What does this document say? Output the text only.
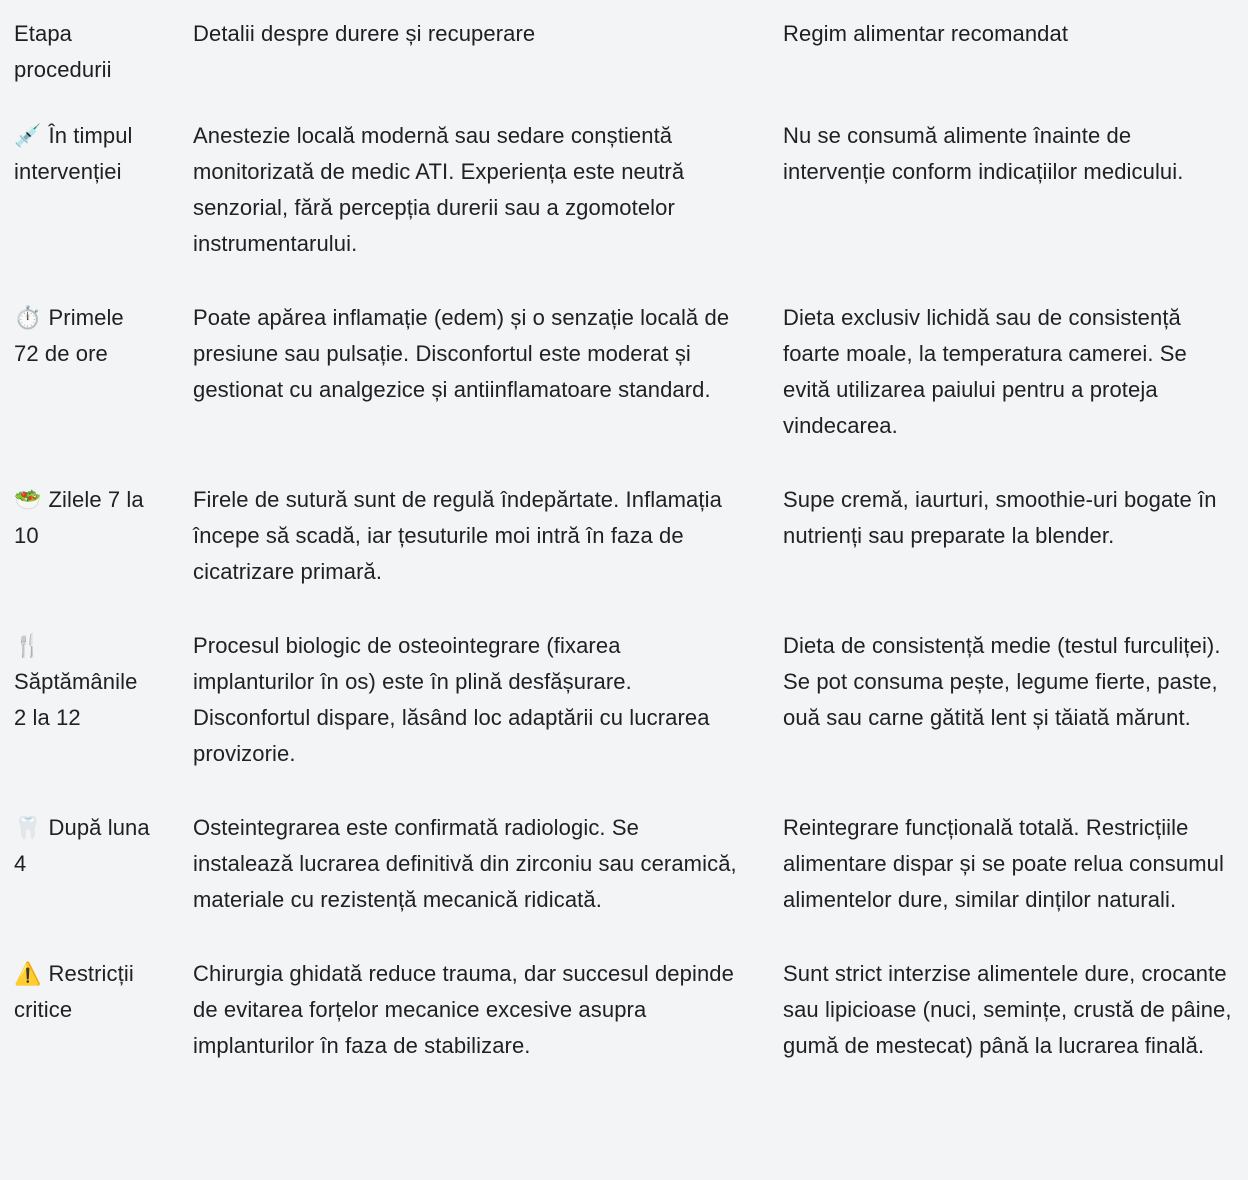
Etapa procedurii
Detalii despre durere și recuperare	Regim alimentar recomandat
💉 În timpul intervenției
Anestezie locală modernă sau sedare conștientă monitorizată de medic ATI. Experiența este neutră senzorial, fără percepția durerii sau a zgomotelor instrumentarului.
Nu se consumă alimente înainte de intervenție conform indicațiilor medicului.
⏱️ Primele 72 de ore
Poate apărea inflamație (edem) și o senzație locală de presiune sau pulsație. Disconfortul este moderat și gestionat cu analgezice și antiinflamatoare standard.
Dieta exclusiv lichidă sau de consistență foarte moale, la temperatura camerei. Se evită utilizarea paiului pentru a proteja vindecarea.
🥗 Zilele 7 la 10
Firele de sutură sunt de regulă îndepărtate. Inflamația începe să scadă, iar țesuturile moi intră în faza de cicatrizare primară.
Supe cremă, iaurturi, smoothie-uri bogate în nutrienți sau preparate la blender.
🍴Săptămânile 2 la 12
Procesul biologic de osteointegrare (fixarea implanturilor în os) este în plină desfășurare. Disconfortul dispare, lăsând loc adaptării cu lucrarea provizorie.
Dieta de consistență medie (testul furculiței). Se pot consuma pește, legume fierte, paste, ouă sau carne gătită lent și tăiată mărunt.
🦷 După luna 4
Osteintegrarea este confirmată radiologic. Se instalează lucrarea definitivă din zirconiu sau ceramică, materiale cu rezistență mecanică ridicată.
Reintegrare funcțională totală. Restricțiile alimentare dispar și se poate relua consumul alimentelor dure, similar dinților naturali.
⚠️ Restricții critice
Chirurgia ghidată reduce trauma, dar succesul depinde de evitarea forțelor mecanice excesive asupra implanturilor în faza de stabilizare.
Sunt strict interzise alimentele dure, crocante sau lipicioase (nuci, semințe, crustă de pâine, gumă de mestecat) până la lucrarea finală.
